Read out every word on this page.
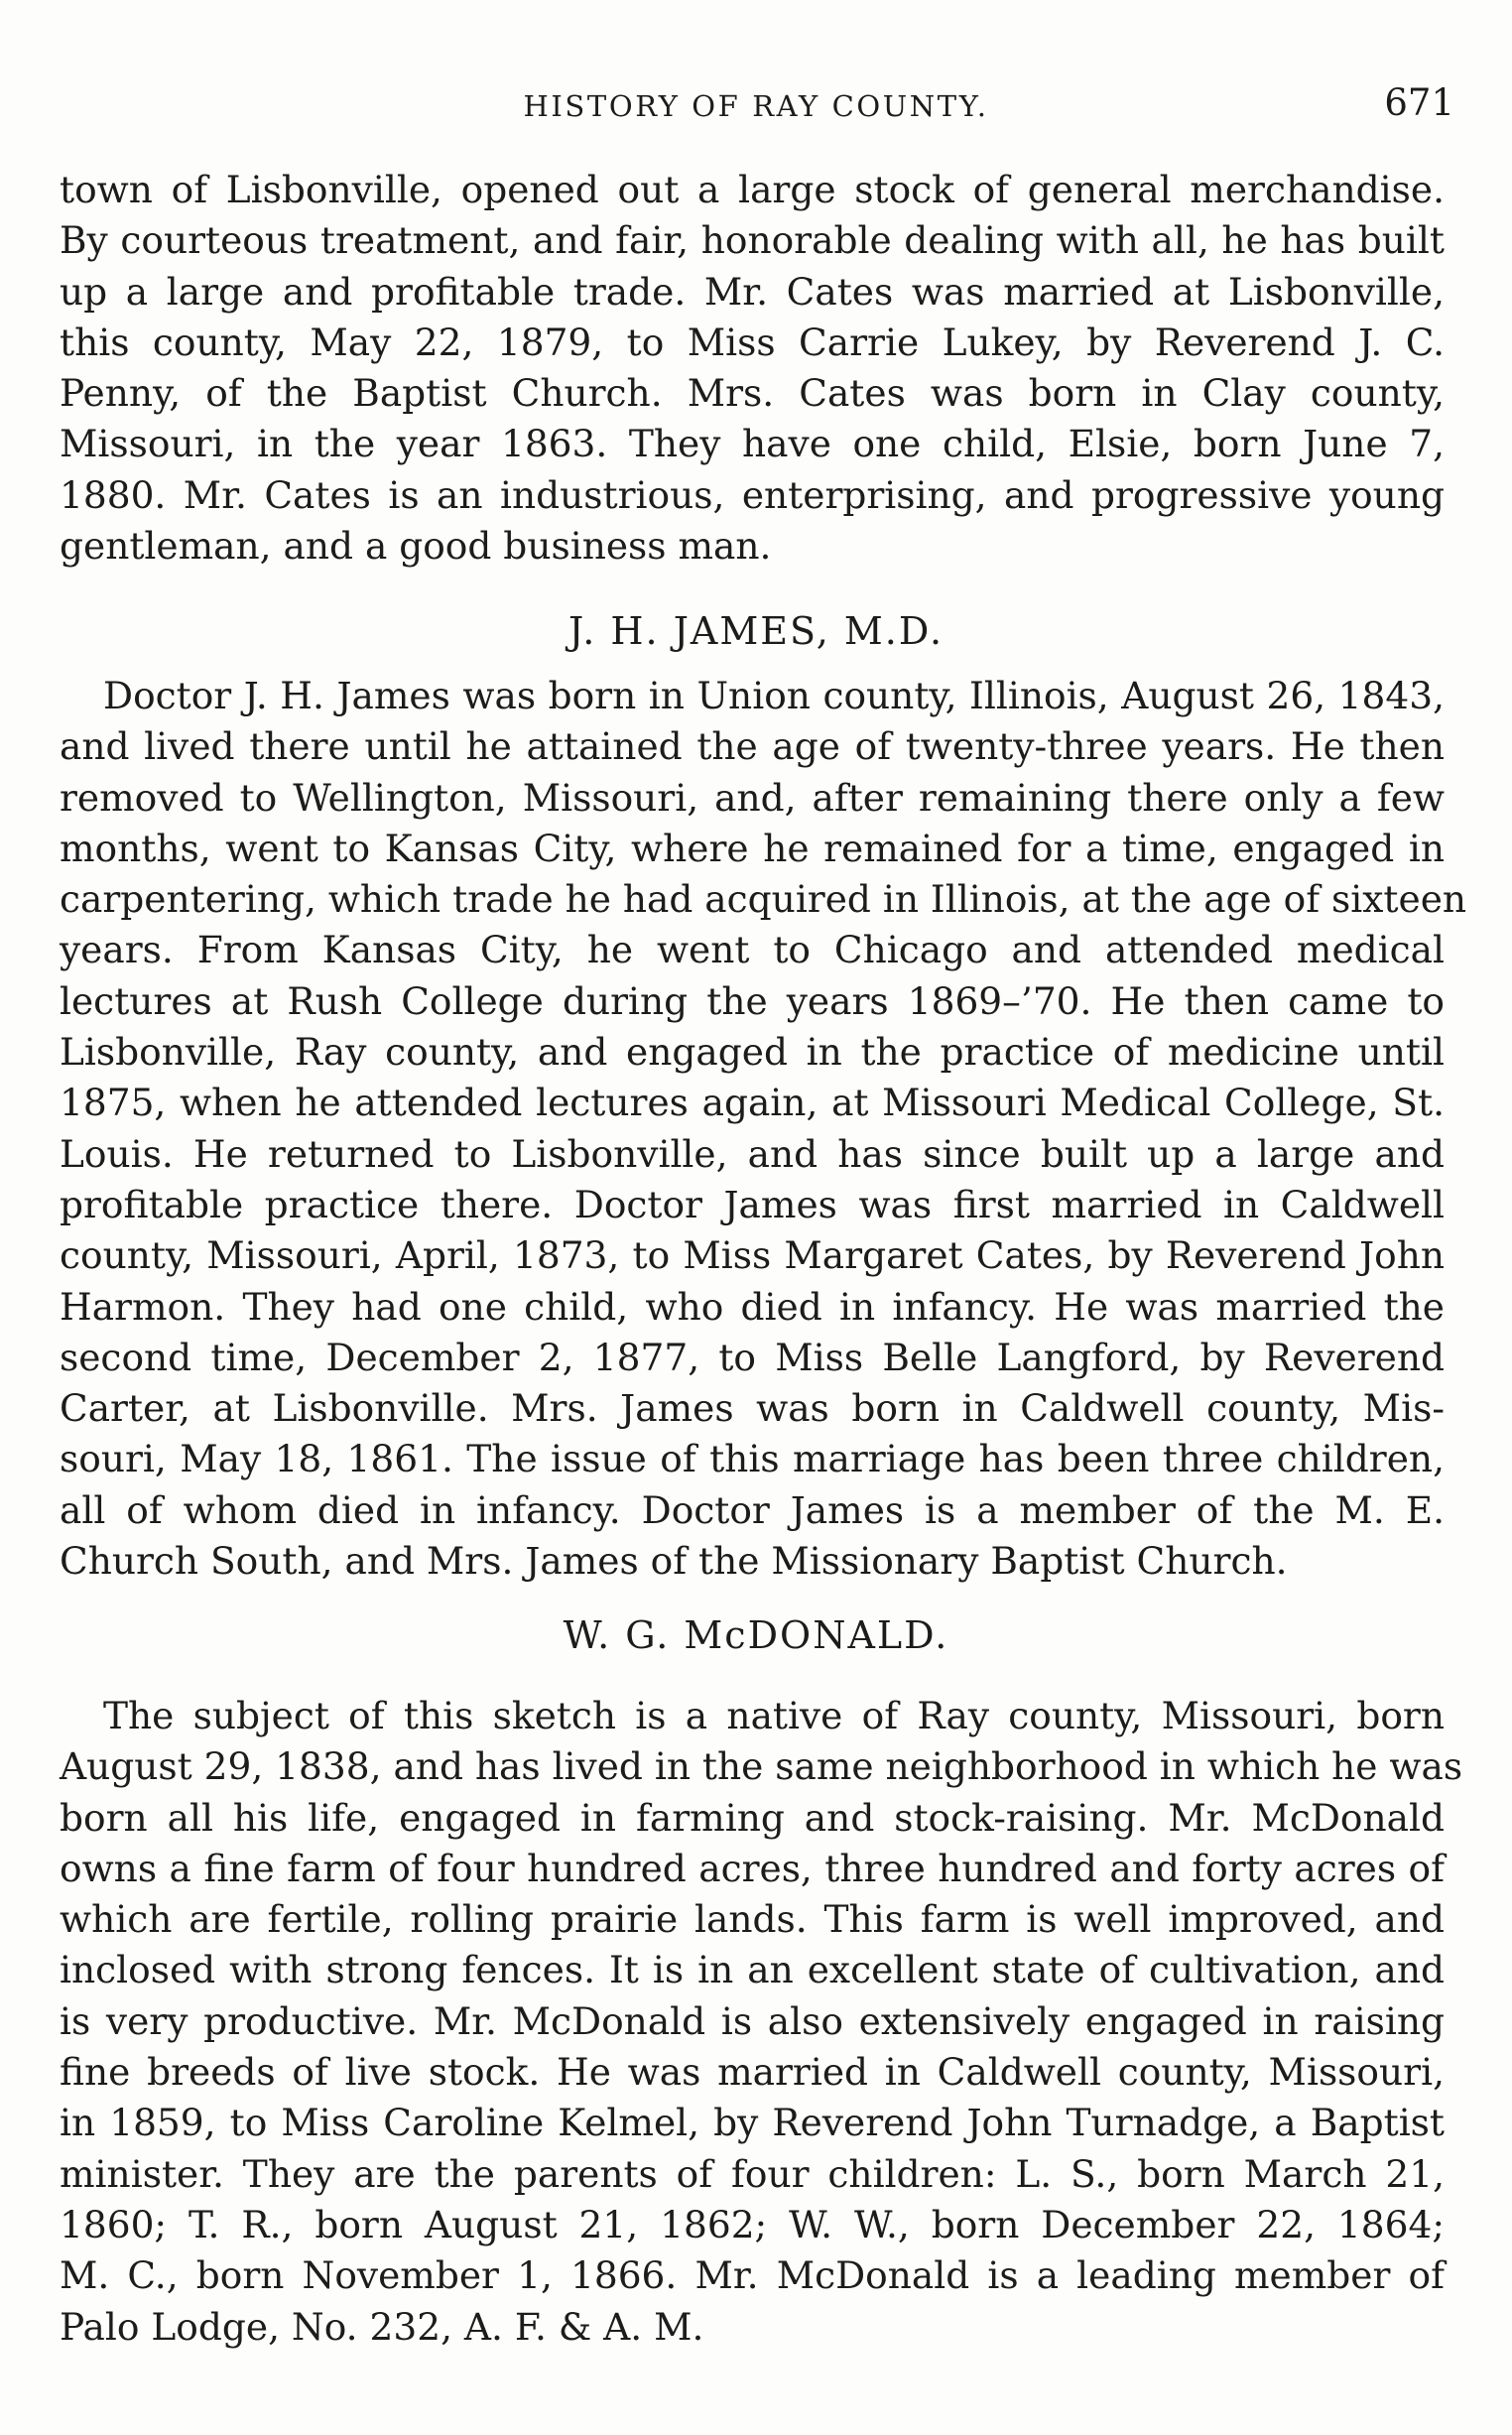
HISTORY OF RAY COUNTY.	671
town of Lisbonville, opened out a large stock of general merchandise.
By courteous treatment, and fair, honorable dealing with all, he has built
up a large and profitable trade. Mr. Cates was married at Lisbonville,
this county, May 22, 1879, to Miss Carrie Lukey, by Reverend J. C.
Penny, of the Baptist Church. Mrs. Cates was born in Clay county,
Missouri, in the year 1863. They have one child, Elsie, born June 7,
1880. Mr. Cates is an industrious, enterprising, and progressive young
gentleman, and a good business man.
J. H. JAMES, M.D.
Doctor J. H. James was born in Union county, Illinois, August 26, 1843,
and lived there until he attained the age of twenty-three years. He then
removed to Wellington, Missouri, and, after remaining there only a few
months, went to Kansas City, where he remained for a time, engaged in
carpentering, which trade he had acquired in Illinois, at the age of sixteen
years. From Kansas City, he went to Chicago and attended medical
lectures at Rush College during the years 1869–’70. He then came to
Lisbonville, Ray county, and engaged in the practice of medicine until
1875, when he attended lectures again, at Missouri Medical College, St.
Louis. He returned to Lisbonville, and has since built up a large and
profitable practice there. Doctor James was first married in Caldwell
county, Missouri, April, 1873, to Miss Margaret Cates, by Reverend John
Harmon. They had one child, who died in infancy. He was married the
second time, December 2, 1877, to Miss Belle Langford, by Reverend
Carter, at Lisbonville. Mrs. James was born in Caldwell county, Mis-
souri, May 18, 1861. The issue of this marriage has been three children,
all of whom died in infancy. Doctor James is a member of the M. E.
Church South, and Mrs. James of the Missionary Baptist Church.
W. G. McDONALD.
The subject of this sketch is a native of Ray county, Missouri, born
August 29, 1838, and has lived in the same neighborhood in which he was
born all his life, engaged in farming and stock-raising. Mr. McDonald
owns a fine farm of four hundred acres, three hundred and forty acres of
which are fertile, rolling prairie lands. This farm is well improved, and
inclosed with strong fences. It is in an excellent state of cultivation, and
is very productive. Mr. McDonald is also extensively engaged in raising
fine breeds of live stock. He was married in Caldwell county, Missouri,
in 1859, to Miss Caroline Kelmel, by Reverend John Turnadge, a Baptist
minister. They are the parents of four children: L. S., born March 21,
1860; T. R., born August 21, 1862; W. W., born December 22, 1864;
M. C., born November 1, 1866. Mr. McDonald is a leading member of
Palo Lodge, No. 232, A. F. & A. M.
